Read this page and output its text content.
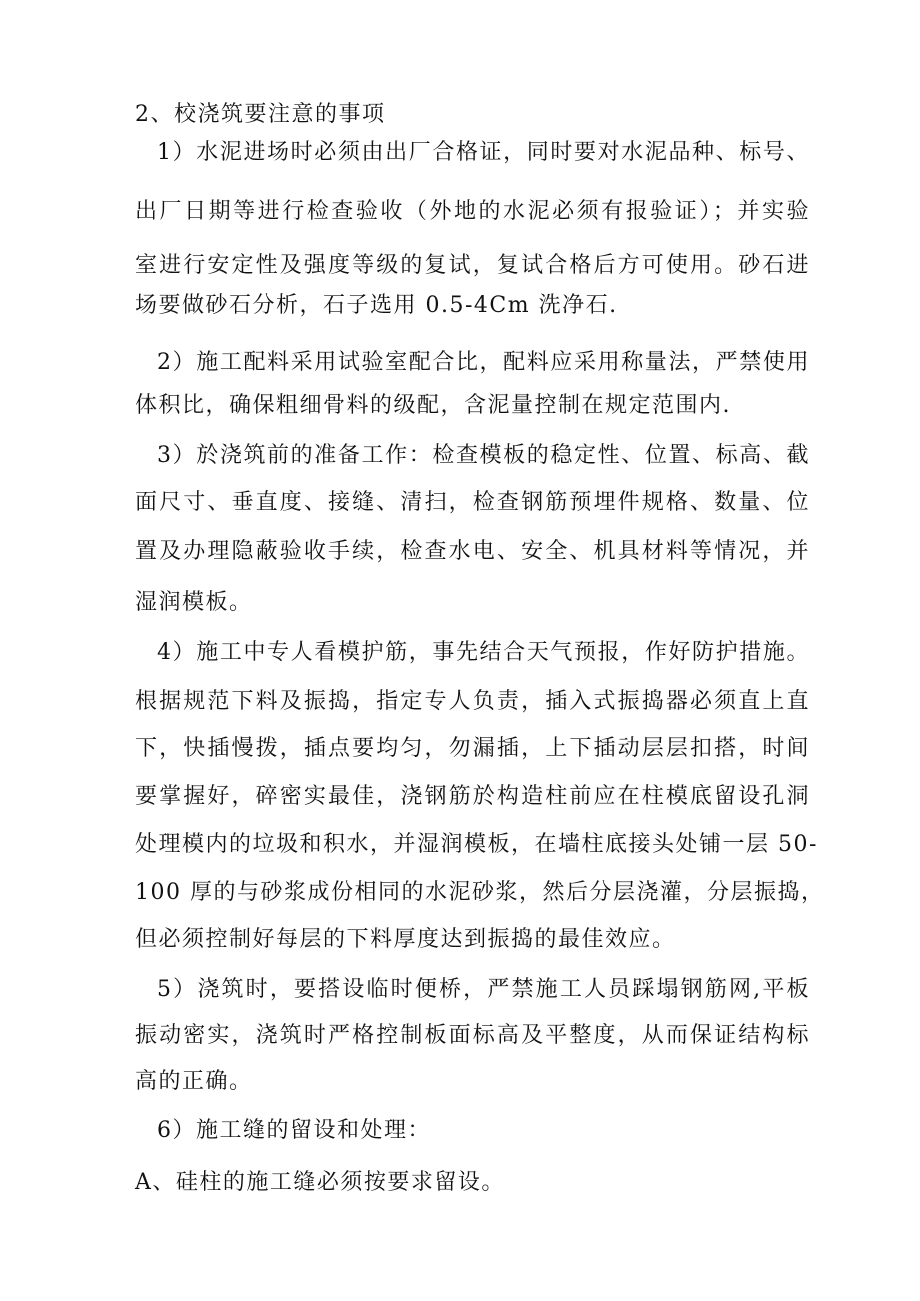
2、校浇筑要注意的事项
1）水泥进场时必须由出厂合格证，同时要对水泥品种、标号、
出厂日期等进行检查验收（外地的水泥必须有报验证）；并实验
室进行安定性及强度等级的复试，复试合格后方可使用。砂石进
场要做砂石分析，石子选用 0.5-4Cm 洗净石.
2）施工配料采用试验室配合比，配料应采用称量法，严禁使用
体积比，确保粗细骨料的级配，含泥量控制在规定范围内.
3）於浇筑前的准备工作：检查模板的稳定性、位置、标高、截
面尺寸、垂直度、接缝、清扫，检查钢筋预埋件规格、数量、位
置及办理隐蔽验收手续，检查水电、安全、机具材料等情况，并
湿润模板。
4）施工中专人看模护筋，事先结合天气预报，作好防护措施。
根据规范下料及振捣，指定专人负责，插入式振捣器必须直上直
下，快插慢拨，插点要均匀，勿漏插，上下插动层层扣搭，时间
要掌握好，碎密实最佳，浇钢筋於构造柱前应在柱模底留设孔洞
处理模内的垃圾和积水，并湿润模板，在墙柱底接头处铺一层 50-
100 厚的与砂浆成份相同的水泥砂浆，然后分层浇灌，分层振捣，
但必须控制好每层的下料厚度达到振捣的最佳效应。
5）浇筑时，要搭设临时便桥，严禁施工人员踩塌钢筋网,平板
振动密实，浇筑时严格控制板面标高及平整度，从而保证结构标
高的正确。
6）施工缝的留设和处理：
A、硅柱的施工缝必须按要求留设。
